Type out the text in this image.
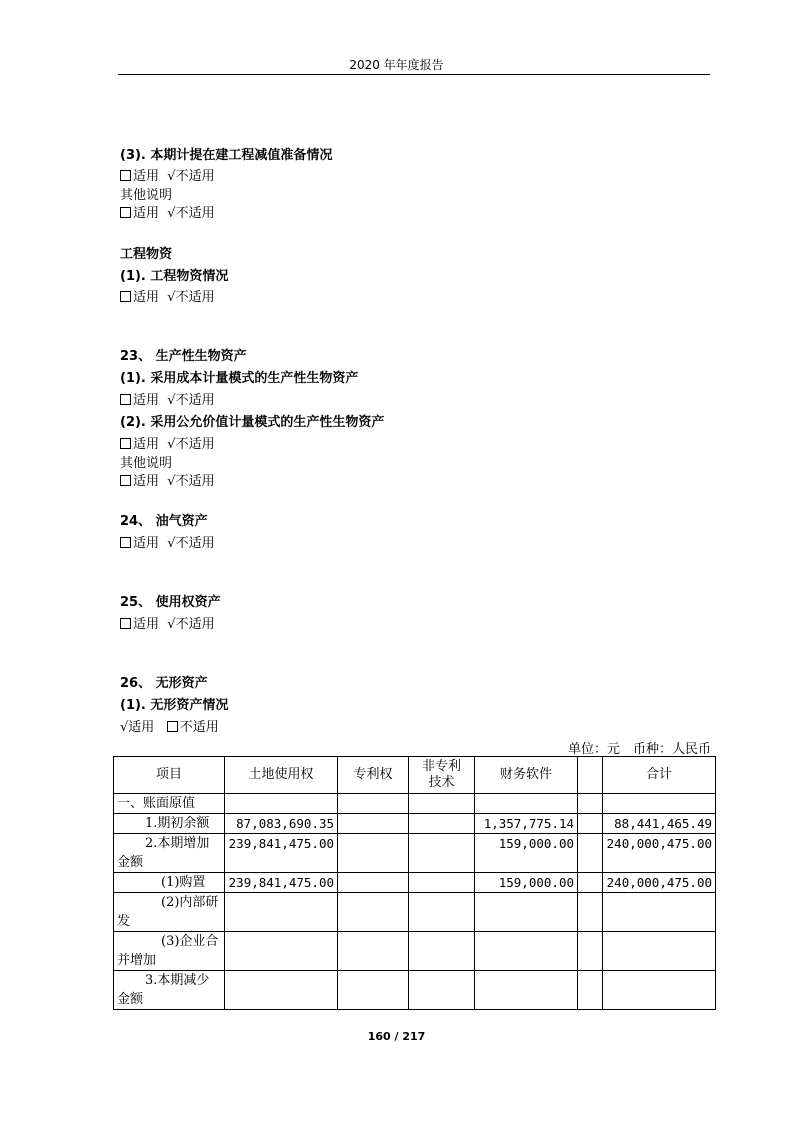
2020 年年度报告
(3). 本期计提在建工程减值准备情况
适用 √不适用
其他说明
适用 √不适用
工程物资
(1). 工程物资情况
适用 √不适用
23、 生产性生物资产
(1). 采用成本计量模式的生产性生物资产
适用 √不适用
(2). 采用公允价值计量模式的生产性生物资产
适用 √不适用
其他说明
适用 √不适用
24、 油气资产
适用 √不适用
25、 使用权资产
适用 √不适用
26、 无形资产
(1). 无形资产情况
√适用 不适用
单位：元　币种：人民币
项目	土地使用权	专利权	非专利技术	财务软件		合计
一、账面原值						
1.期初余额	87,083,690.35			1,357,775.14		88,441,465.49
2.本期增加金额	239,841,475.00			159,000.00		240,000,475.00
(1)购置	239,841,475.00			159,000.00		240,000,475.00
(2)内部研发						
(3)企业合并增加						
3.本期减少金额						
160 / 217
